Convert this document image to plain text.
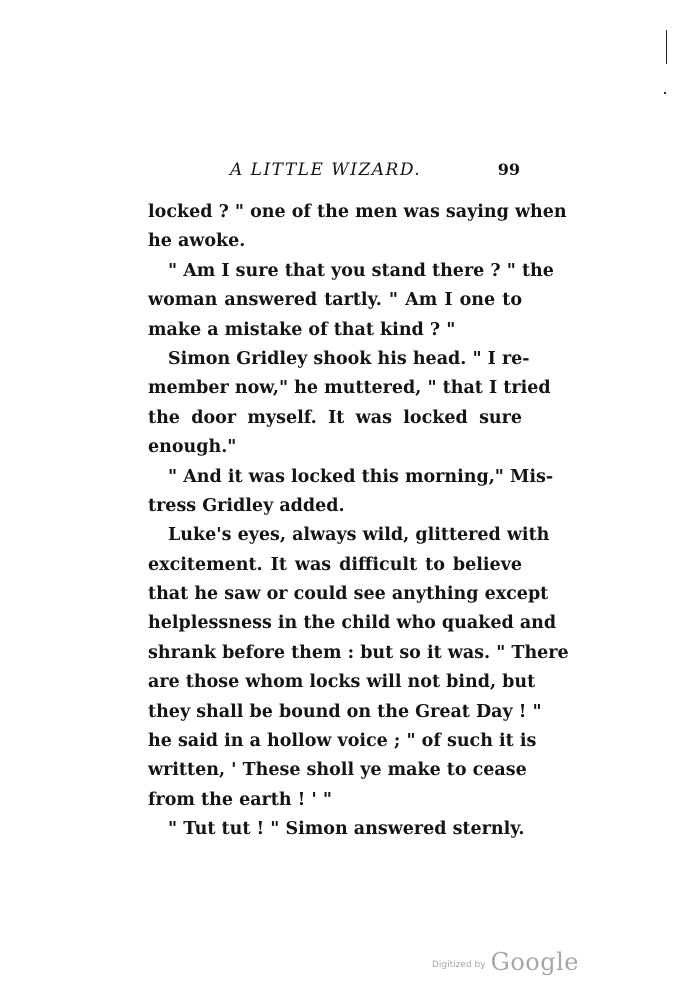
A LITTLE WIZARD.	99
locked ? " one of the men was saying when
he awoke.
" Am I sure that you stand there ? " the
woman answered tartly. " Am I one to
make a mistake of that kind ? "
Simon Gridley shook his head. " I re-
member now," he muttered, " that I tried
the door myself. It was locked sure
enough."
" And it was locked this morning," Mis-
tress Gridley added.
Luke's eyes, always wild, glittered with
excitement. It was difficult to believe
that he saw or could see anything except
helplessness in the child who quaked and
shrank before them : but so it was. " There
are those whom locks will not bind, but
they shall be bound on the Great Day ! "
he said in a hollow voice ; " of such it is
written, ' These sholl ye make to cease
from the earth ! ' "
" Tut tut ! " Simon answered sternly.
Digitized by Google
